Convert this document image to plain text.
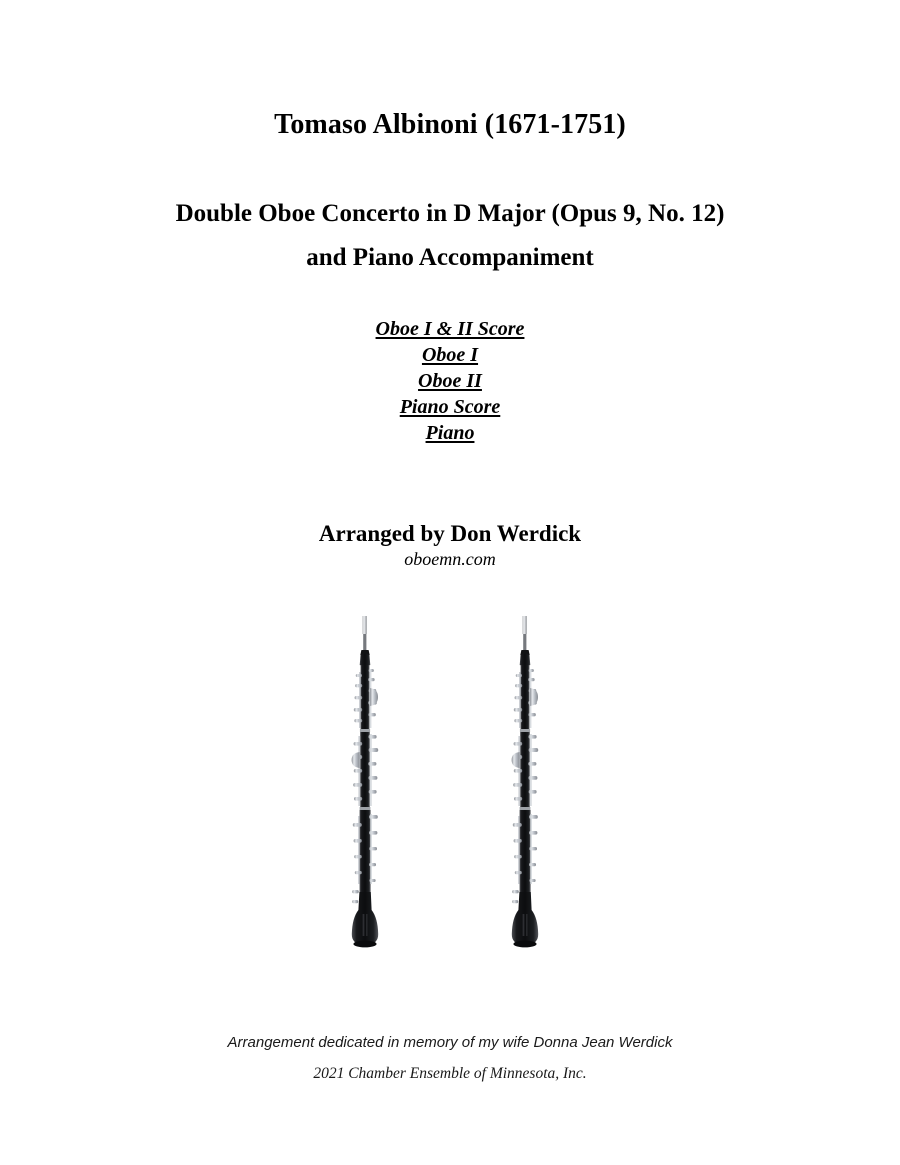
Tomaso Albinoni (1671-1751)
Double Oboe Concerto in D Major (Opus 9, No. 12)
and Piano Accompaniment
Oboe I & II Score
Oboe I
Oboe II
Piano Score
Piano
Arranged by Don Werdick
oboemn.com
Arrangement dedicated in memory of my wife Donna Jean Werdick
2021 Chamber Ensemble of Minnesota, Inc.
